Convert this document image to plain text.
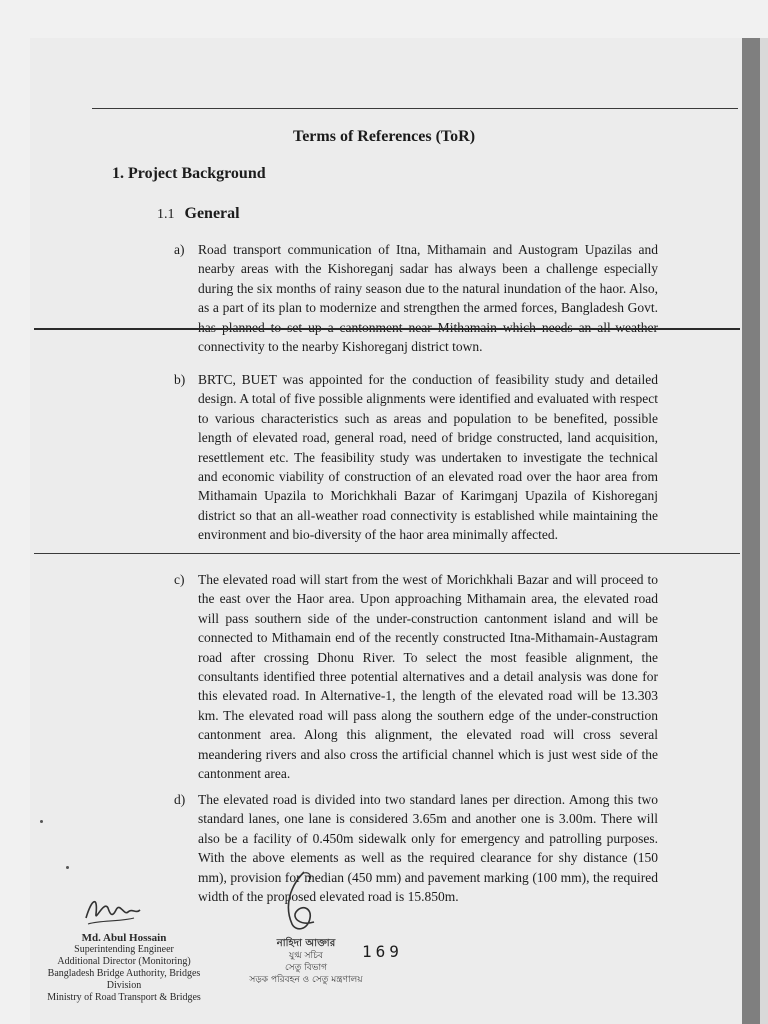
Terms of References (ToR)
1. Project Background
1.1 General
a) Road transport communication of Itna, Mithamain and Austogram Upazilas and nearby areas with the Kishoreganj sadar has always been a challenge especially during the six months of rainy season due to the natural inundation of the haor. Also, as a part of its plan to modernize and strengthen the armed forces, Bangladesh Govt. has planned to set up a cantonment near Mithamain which needs an all-weather connectivity to the nearby Kishoreganj district town.
b) BRTC, BUET was appointed for the conduction of feasibility study and detailed design. A total of five possible alignments were identified and evaluated with respect to various characteristics such as areas and population to be benefited, possible length of elevated road, general road, need of bridge constructed, land acquisition, resettlement etc. The feasibility study was undertaken to investigate the technical and economic viability of construction of an elevated road over the haor area from Mithamain Upazila to Morichkhali Bazar of Karimganj Upazila of Kishoreganj district so that an all-weather road connectivity is established while maintaining the environment and bio-diversity of the haor area minimally affected.
c) The elevated road will start from the west of Morichkhali Bazar and will proceed to the east over the Haor area. Upon approaching Mithamain area, the elevated road will pass southern side of the under-construction cantonment island and will be connected to Mithamain end of the recently constructed Itna-Mithamain-Austagram road after crossing Dhonu River. To select the most feasible alignment, the consultants identified three potential alternatives and a detail analysis was done for this elevated road. In Alternative-1, the length of the elevated road will be 13.303 km. The elevated road will pass along the southern edge of the under-construction cantonment area. Along this alignment, the elevated road will cross several meandering rivers and also cross the artificial channel which is just west side of the cantonment area.
d) The elevated road is divided into two standard lanes per direction. Among this two standard lanes, one lane is considered 3.65m and another one is 3.00m. There will also be a facility of 0.450m sidewalk only for emergency and patrolling purposes. With the above elements as well as the required clearance for shy distance (150 mm), provision for median (450 mm) and pavement marking (100 mm), the required width of the proposed elevated road is 15.850m.
Md. Abul Hossain
Superintending Engineer
Additional Director (Monitoring)
Bangladesh Bridge Authority, Bridges Division
Ministry of Road Transport & Bridges
নাহিদা আক্তার
যুগ্ম সচিব
সেতু বিভাগ
সড়ক পরিবহন ও সেতু মন্ত্রণালয়
169
